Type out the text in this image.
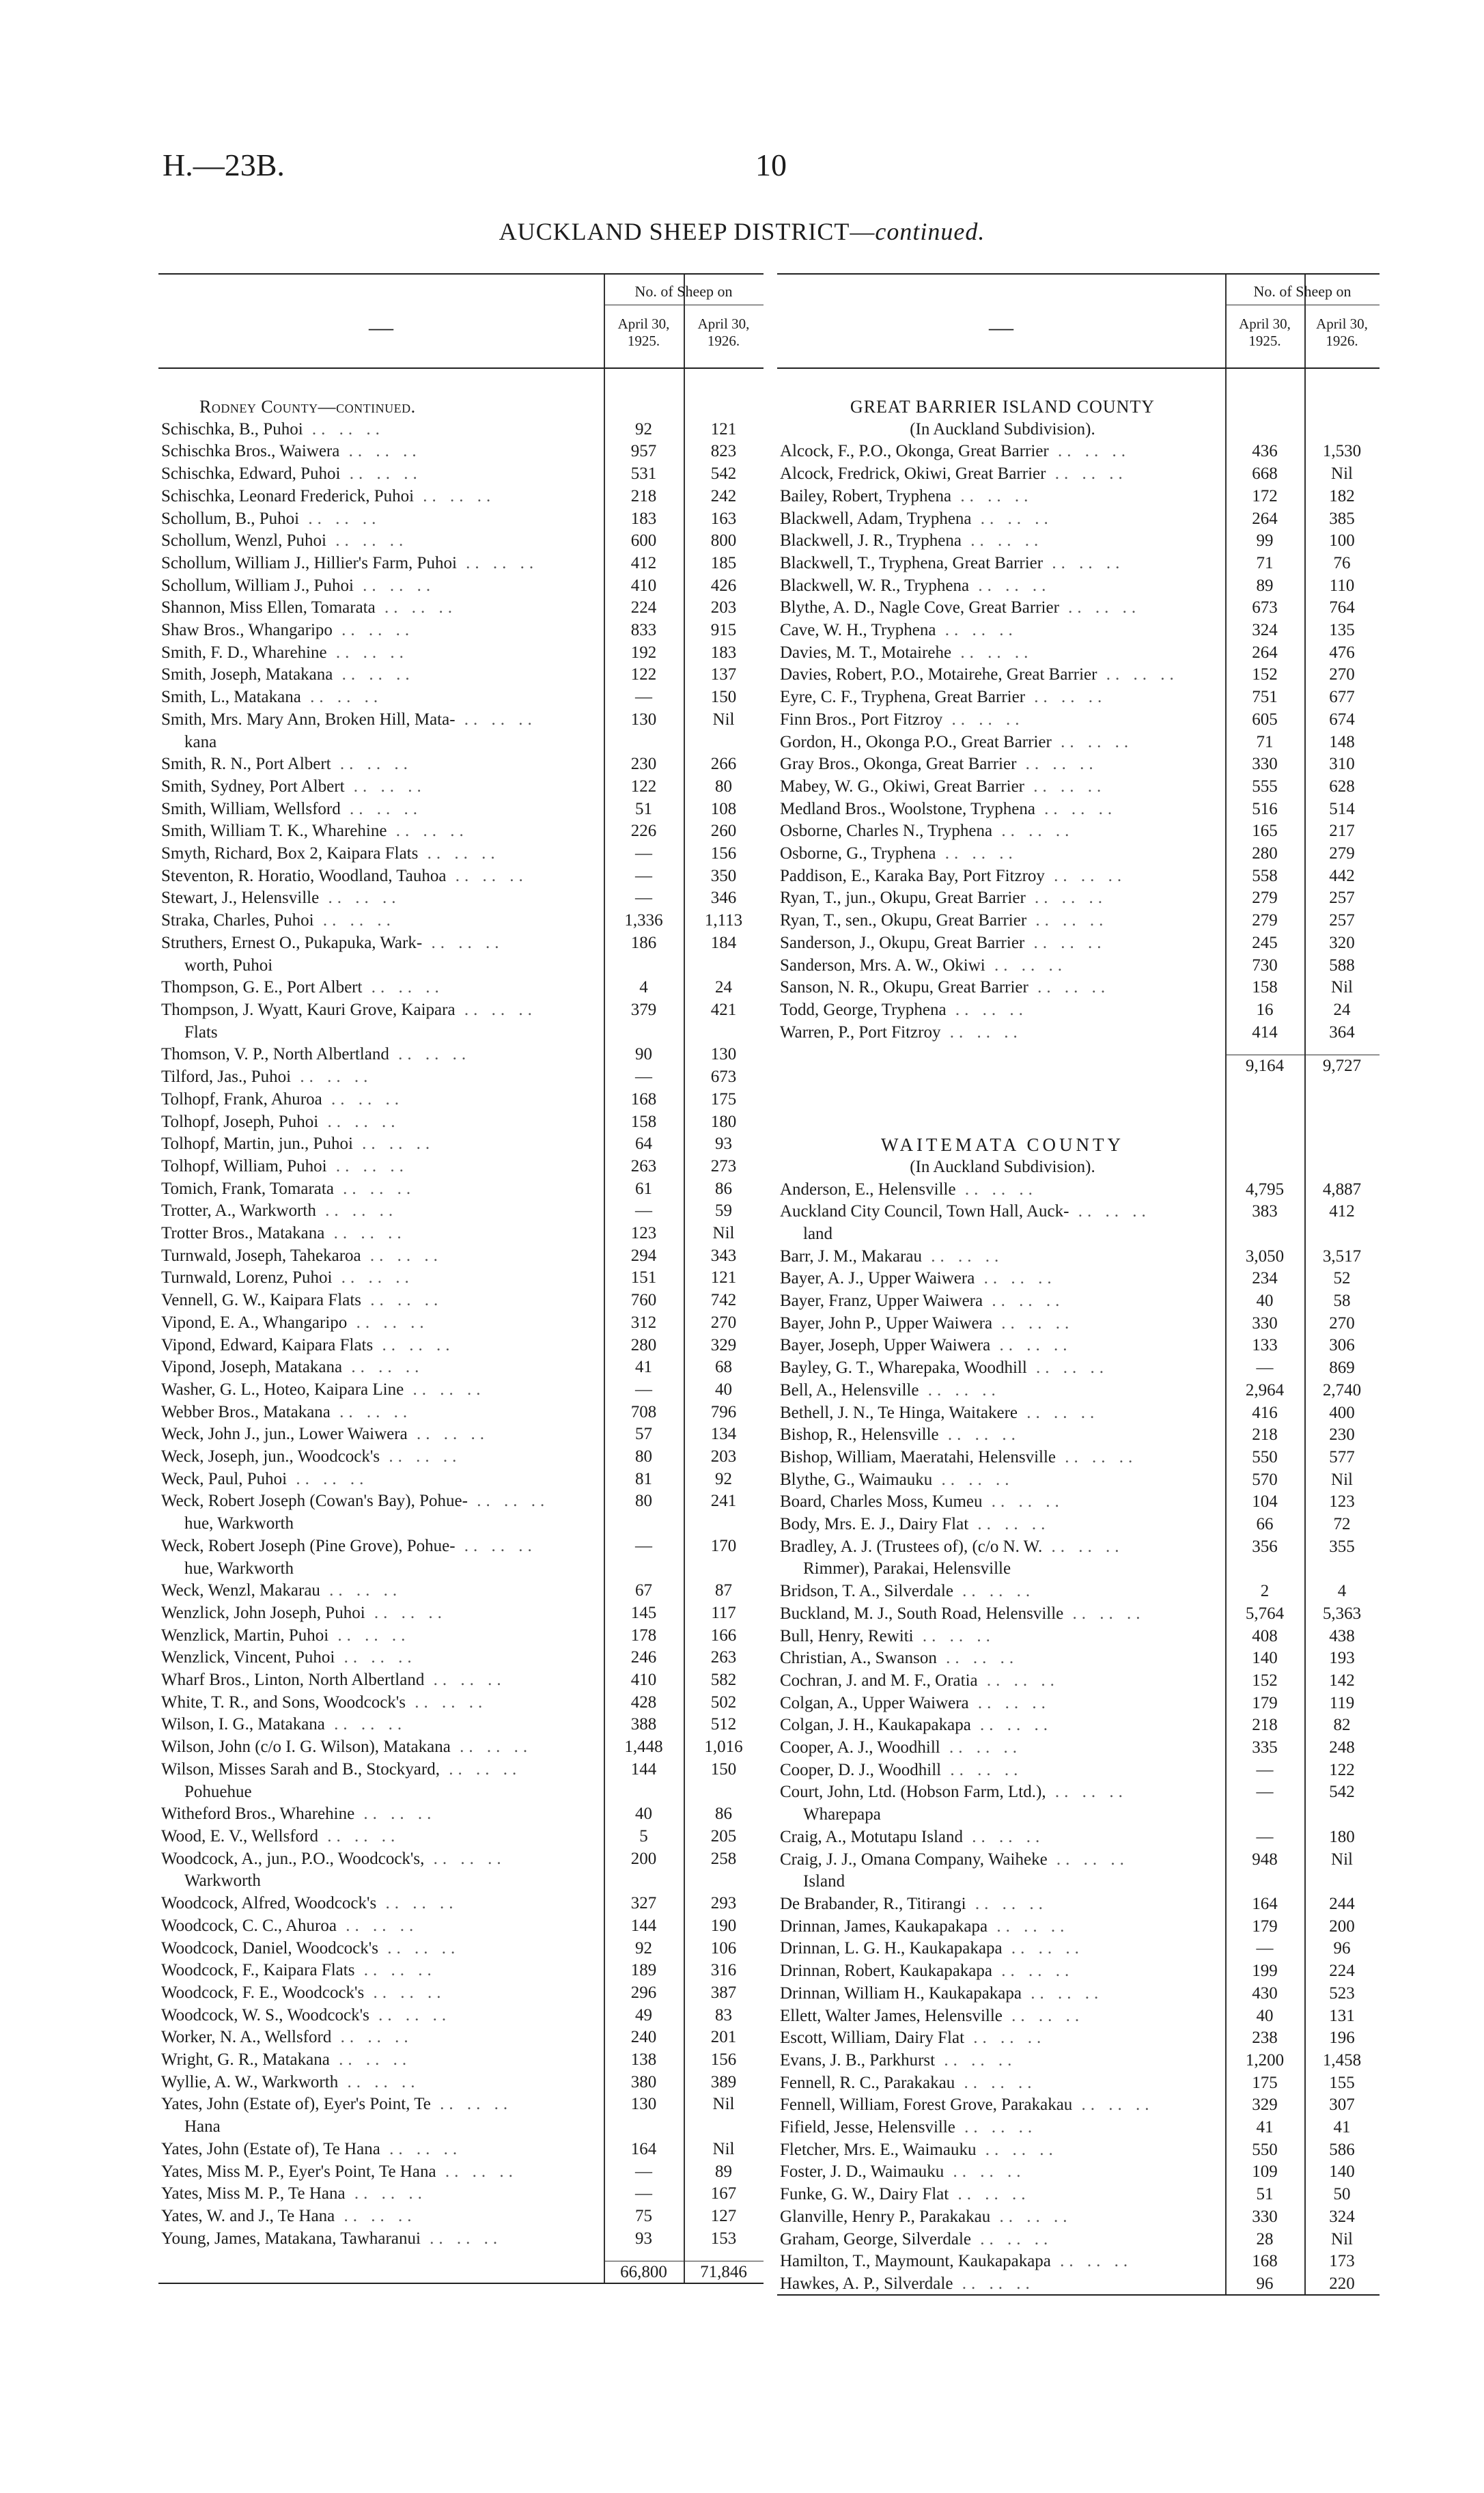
H.—23B.	10
AUCKLAND SHEEP DISTRICT—continued.
—
No. of Sheep on
April 30,
1925.
April 30,
1926.
Rodney County—continued.
Schischka, B., Puhoi .. .. ..	92	121
Schischka Bros., Waiwera .. .. ..	957	823
Schischka, Edward, Puhoi .. .. ..	531	542
Schischka, Leonard Frederick, Puhoi .. .. ..	218	242
Schollum, B., Puhoi .. .. ..	183	163
Schollum, Wenzl, Puhoi .. .. ..	600	800
Schollum, William J., Hillier's Farm, Puhoi .. .. ..	412	185
Schollum, William J., Puhoi .. .. ..	410	426
Shannon, Miss Ellen, Tomarata .. .. ..	224	203
Shaw Bros., Whangaripo .. .. ..	833	915
Smith, F. D., Wharehine .. .. ..	192	183
Smith, Joseph, Matakana .. .. ..	122	137
Smith, L., Matakana .. .. ..	—	150
Smith, Mrs. Mary Ann, Broken Hill, Mata- .. .. ..	130	Nil
kana
Smith, R. N., Port Albert .. .. ..	230	266
Smith, Sydney, Port Albert .. .. ..	122	80
Smith, William, Wellsford .. .. ..	51	108
Smith, William T. K., Wharehine .. .. ..	226	260
Smyth, Richard, Box 2, Kaipara Flats .. .. ..	—	156
Steventon, R. Horatio, Woodland, Tauhoa .. .. ..	—	350
Stewart, J., Helensville .. .. ..	—	346
Straka, Charles, Puhoi .. .. ..	1,336	1,113
Struthers, Ernest O., Pukapuka, Wark- .. .. ..	186	184
worth, Puhoi
Thompson, G. E., Port Albert .. .. ..	4	24
Thompson, J. Wyatt, Kauri Grove, Kaipara .. .. ..	379	421
Flats
Thomson, V. P., North Albertland .. .. ..	90	130
Tilford, Jas., Puhoi .. .. ..	—	673
Tolhopf, Frank, Ahuroa .. .. ..	168	175
Tolhopf, Joseph, Puhoi .. .. ..	158	180
Tolhopf, Martin, jun., Puhoi .. .. ..	64	93
Tolhopf, William, Puhoi .. .. ..	263	273
Tomich, Frank, Tomarata .. .. ..	61	86
Trotter, A., Warkworth .. .. ..	—	59
Trotter Bros., Matakana .. .. ..	123	Nil
Turnwald, Joseph, Tahekaroa .. .. ..	294	343
Turnwald, Lorenz, Puhoi .. .. ..	151	121
Vennell, G. W., Kaipara Flats .. .. ..	760	742
Vipond, E. A., Whangaripo .. .. ..	312	270
Vipond, Edward, Kaipara Flats .. .. ..	280	329
Vipond, Joseph, Matakana .. .. ..	41	68
Washer, G. L., Hoteo, Kaipara Line .. .. ..	—	40
Webber Bros., Matakana .. .. ..	708	796
Weck, John J., jun., Lower Waiwera .. .. ..	57	134
Weck, Joseph, jun., Woodcock's .. .. ..	80	203
Weck, Paul, Puhoi .. .. ..	81	92
Weck, Robert Joseph (Cowan's Bay), Pohue- .. .. ..	80	241
hue, Warkworth
Weck, Robert Joseph (Pine Grove), Pohue- .. .. ..	—	170
hue, Warkworth
Weck, Wenzl, Makarau .. .. ..	67	87
Wenzlick, John Joseph, Puhoi .. .. ..	145	117
Wenzlick, Martin, Puhoi .. .. ..	178	166
Wenzlick, Vincent, Puhoi .. .. ..	246	263
Wharf Bros., Linton, North Albertland .. .. ..	410	582
White, T. R., and Sons, Woodcock's .. .. ..	428	502
Wilson, I. G., Matakana .. .. ..	388	512
Wilson, John (c/o I. G. Wilson), Matakana .. .. ..	1,448	1,016
Wilson, Misses Sarah and B., Stockyard, .. .. ..	144	150
Pohuehue
Witheford Bros., Wharehine .. .. ..	40	86
Wood, E. V., Wellsford .. .. ..	5	205
Woodcock, A., jun., P.O., Woodcock's, .. .. ..	200	258
Warkworth
Woodcock, Alfred, Woodcock's .. .. ..	327	293
Woodcock, C. C., Ahuroa .. .. ..	144	190
Woodcock, Daniel, Woodcock's .. .. ..	92	106
Woodcock, F., Kaipara Flats .. .. ..	189	316
Woodcock, F. E., Woodcock's .. .. ..	296	387
Woodcock, W. S., Woodcock's .. .. ..	49	83
Worker, N. A., Wellsford .. .. ..	240	201
Wright, G. R., Matakana .. .. ..	138	156
Wyllie, A. W., Warkworth .. .. ..	380	389
Yates, John (Estate of), Eyer's Point, Te .. .. ..	130	Nil
Hana
Yates, John (Estate of), Te Hana .. .. ..	164	Nil
Yates, Miss M. P., Eyer's Point, Te Hana .. .. ..	—	89
Yates, Miss M. P., Te Hana .. .. ..	—	167
Yates, W. and J., Te Hana .. .. ..	75	127
Young, James, Matakana, Tawharanui .. .. ..	93	153
66,800	71,846
—
No. of Sheep on
April 30,
1925.
April 30,
1926.
GREAT BARRIER ISLAND COUNTY
(In Auckland Subdivision).
Alcock, F., P.O., Okonga, Great Barrier .. .. ..	436	1,530
Alcock, Fredrick, Okiwi, Great Barrier .. .. ..	668	Nil
Bailey, Robert, Tryphena .. .. ..	172	182
Blackwell, Adam, Tryphena .. .. ..	264	385
Blackwell, J. R., Tryphena .. .. ..	99	100
Blackwell, T., Tryphena, Great Barrier .. .. ..	71	76
Blackwell, W. R., Tryphena .. .. ..	89	110
Blythe, A. D., Nagle Cove, Great Barrier .. .. ..	673	764
Cave, W. H., Tryphena .. .. ..	324	135
Davies, M. T., Motairehe .. .. ..	264	476
Davies, Robert, P.O., Motairehe, Great Barrier .. .. ..	152	270
Eyre, C. F., Tryphena, Great Barrier .. .. ..	751	677
Finn Bros., Port Fitzroy .. .. ..	605	674
Gordon, H., Okonga P.O., Great Barrier .. .. ..	71	148
Gray Bros., Okonga, Great Barrier .. .. ..	330	310
Mabey, W. G., Okiwi, Great Barrier .. .. ..	555	628
Medland Bros., Woolstone, Tryphena .. .. ..	516	514
Osborne, Charles N., Tryphena .. .. ..	165	217
Osborne, G., Tryphena .. .. ..	280	279
Paddison, E., Karaka Bay, Port Fitzroy .. .. ..	558	442
Ryan, T., jun., Okupu, Great Barrier .. .. ..	279	257
Ryan, T., sen., Okupu, Great Barrier .. .. ..	279	257
Sanderson, J., Okupu, Great Barrier .. .. ..	245	320
Sanderson, Mrs. A. W., Okiwi .. .. ..	730	588
Sanson, N. R., Okupu, Great Barrier .. .. ..	158	Nil
Todd, George, Tryphena .. .. ..	16	24
Warren, P., Port Fitzroy .. .. ..	414	364
9,164	9,727
WAITEMATA COUNTY
(In Auckland Subdivision).
Anderson, E., Helensville .. .. ..	4,795	4,887
Auckland City Council, Town Hall, Auck- .. .. ..	383	412
land
Barr, J. M., Makarau .. .. ..	3,050	3,517
Bayer, A. J., Upper Waiwera .. .. ..	234	52
Bayer, Franz, Upper Waiwera .. .. ..	40	58
Bayer, John P., Upper Waiwera .. .. ..	330	270
Bayer, Joseph, Upper Waiwera .. .. ..	133	306
Bayley, G. T., Wharepaka, Woodhill .. .. ..	—	869
Bell, A., Helensville .. .. ..	2,964	2,740
Bethell, J. N., Te Hinga, Waitakere .. .. ..	416	400
Bishop, R., Helensville .. .. ..	218	230
Bishop, William, Maeratahi, Helensville .. .. ..	550	577
Blythe, G., Waimauku .. .. ..	570	Nil
Board, Charles Moss, Kumeu .. .. ..	104	123
Body, Mrs. E. J., Dairy Flat .. .. ..	66	72
Bradley, A. J. (Trustees of), (c/o N. W. .. .. ..	356	355
Rimmer), Parakai, Helensville
Bridson, T. A., Silverdale .. .. ..	2	4
Buckland, M. J., South Road, Helensville .. .. ..	5,764	5,363
Bull, Henry, Rewiti .. .. ..	408	438
Christian, A., Swanson .. .. ..	140	193
Cochran, J. and M. F., Oratia .. .. ..	152	142
Colgan, A., Upper Waiwera .. .. ..	179	119
Colgan, J. H., Kaukapakapa .. .. ..	218	82
Cooper, A. J., Woodhill .. .. ..	335	248
Cooper, D. J., Woodhill .. .. ..	—	122
Court, John, Ltd. (Hobson Farm, Ltd.), .. .. ..	—	542
Wharepapa
Craig, A., Motutapu Island .. .. ..	—	180
Craig, J. J., Omana Company, Waiheke .. .. ..	948	Nil
Island
De Brabander, R., Titirangi .. .. ..	164	244
Drinnan, James, Kaukapakapa .. .. ..	179	200
Drinnan, L. G. H., Kaukapakapa .. .. ..	—	96
Drinnan, Robert, Kaukapakapa .. .. ..	199	224
Drinnan, William H., Kaukapakapa .. .. ..	430	523
Ellett, Walter James, Helensville .. .. ..	40	131
Escott, William, Dairy Flat .. .. ..	238	196
Evans, J. B., Parkhurst .. .. ..	1,200	1,458
Fennell, R. C., Parakakau .. .. ..	175	155
Fennell, William, Forest Grove, Parakakau .. .. ..	329	307
Fifield, Jesse, Helensville .. .. ..	41	41
Fletcher, Mrs. E., Waimauku .. .. ..	550	586
Foster, J. D., Waimauku .. .. ..	109	140
Funke, G. W., Dairy Flat .. .. ..	51	50
Glanville, Henry P., Parakakau .. .. ..	330	324
Graham, George, Silverdale .. .. ..	28	Nil
Hamilton, T., Maymount, Kaukapakapa .. .. ..	168	173
Hawkes, A. P., Silverdale .. .. ..	96	220
